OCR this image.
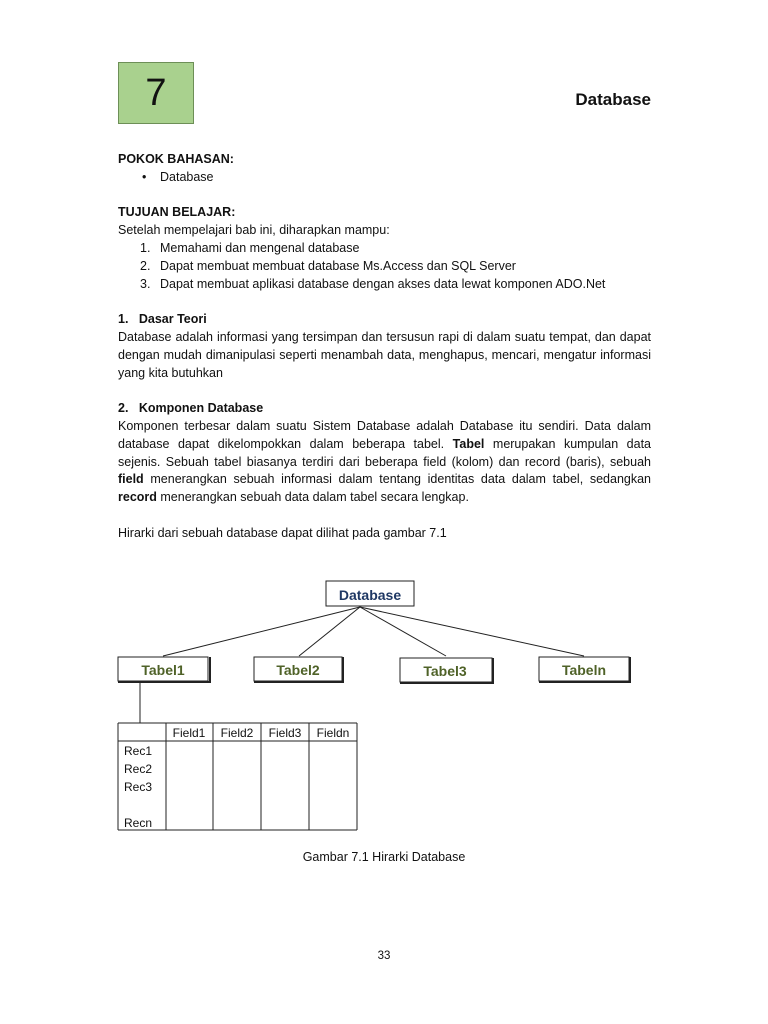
7	Database

POKOK BAHASAN:

• Database

TUJUAN BELAJAR:

Setelah mempelajari bab ini, diharapkan mampu:

1. Memahami dan mengenal database
2. Dapat membuat membuat database Ms.Access dan SQL Server
3. Dapat membuat aplikasi database dengan akses data lewat komponen ADO.Net

1.   Dasar Teori

Database adalah informasi yang tersimpan dan tersusun rapi di dalam suatu tempat, dan dapat dengan mudah dimanipulasi seperti menambah data, menghapus, mencari, mengatur informasi yang kita butuhkan

2.   Komponen Database

Komponen terbesar dalam suatu Sistem Database adalah Database itu sendiri. Data dalam database dapat dikelompokkan dalam beberapa tabel. Tabel merupakan kumpulan data sejenis. Sebuah tabel biasanya terdiri dari beberapa field (kolom) dan record (baris), sebuah field menerangkan sebuah informasi dalam tentang identitas data dalam tabel, sedangkan record menerangkan sebuah data dalam tabel secara lengkap.

Hirarki dari sebuah database dapat dilihat pada gambar 7.1

Database
Tabel1	Tabel2	Tabel3	Tabeln
Field1 Field2 Field3 Fieldn
Rec1
Rec2
Rec3
Recn
Gambar 7.1 Hirarki Database
33
